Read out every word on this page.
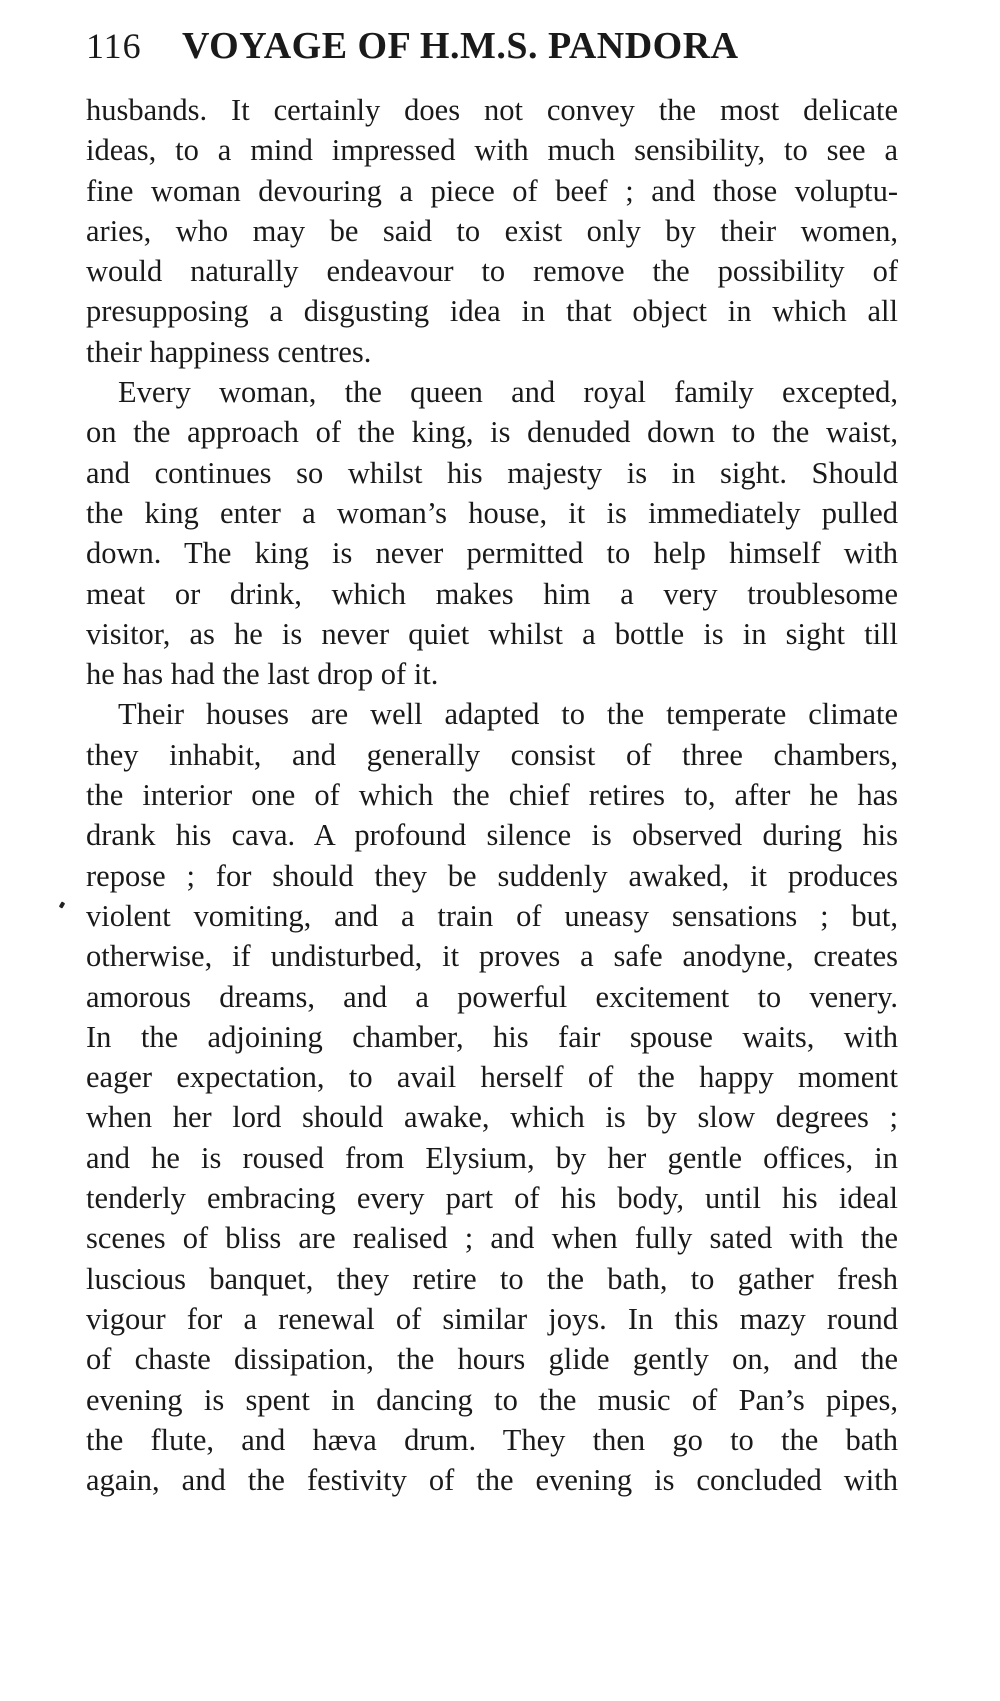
116	VOYAGE OF H.M.S. PANDORA
husbands. It certainly does not convey the most delicate
ideas, to a mind impressed with much sensibility, to see a
fine woman devouring a piece of beef ; and those voluptu-
aries, who may be said to exist only by their women,
would naturally endeavour to remove the possibility of
presupposing a disgusting idea in that object in which all
their happiness centres.
Every woman, the queen and royal family excepted,
on the approach of the king, is denuded down to the waist,
and continues so whilst his majesty is in sight. Should
the king enter a woman’s house, it is immediately pulled
down. The king is never permitted to help himself with
meat or drink, which makes him a very troublesome
visitor, as he is never quiet whilst a bottle is in sight till
he has had the last drop of it.
Their houses are well adapted to the temperate climate
they inhabit, and generally consist of three chambers,
the interior one of which the chief retires to, after he has
drank his cava. A profound silence is observed during his
repose ; for should they be suddenly awaked, it produces
violent vomiting, and a train of uneasy sensations ; but,
otherwise, if undisturbed, it proves a safe anodyne, creates
amorous dreams, and a powerful excitement to venery.
In the adjoining chamber, his fair spouse waits, with
eager expectation, to avail herself of the happy moment
when her lord should awake, which is by slow degrees ;
and he is roused from Elysium, by her gentle offices, in
tenderly embracing every part of his body, until his ideal
scenes of bliss are realised ; and when fully sated with the
luscious banquet, they retire to the bath, to gather fresh
vigour for a renewal of similar joys. In this mazy round
of chaste dissipation, the hours glide gently on, and the
evening is spent in dancing to the music of Pan’s pipes,
the flute, and hæva drum. They then go to the bath
again, and the festivity of the evening is concluded with
